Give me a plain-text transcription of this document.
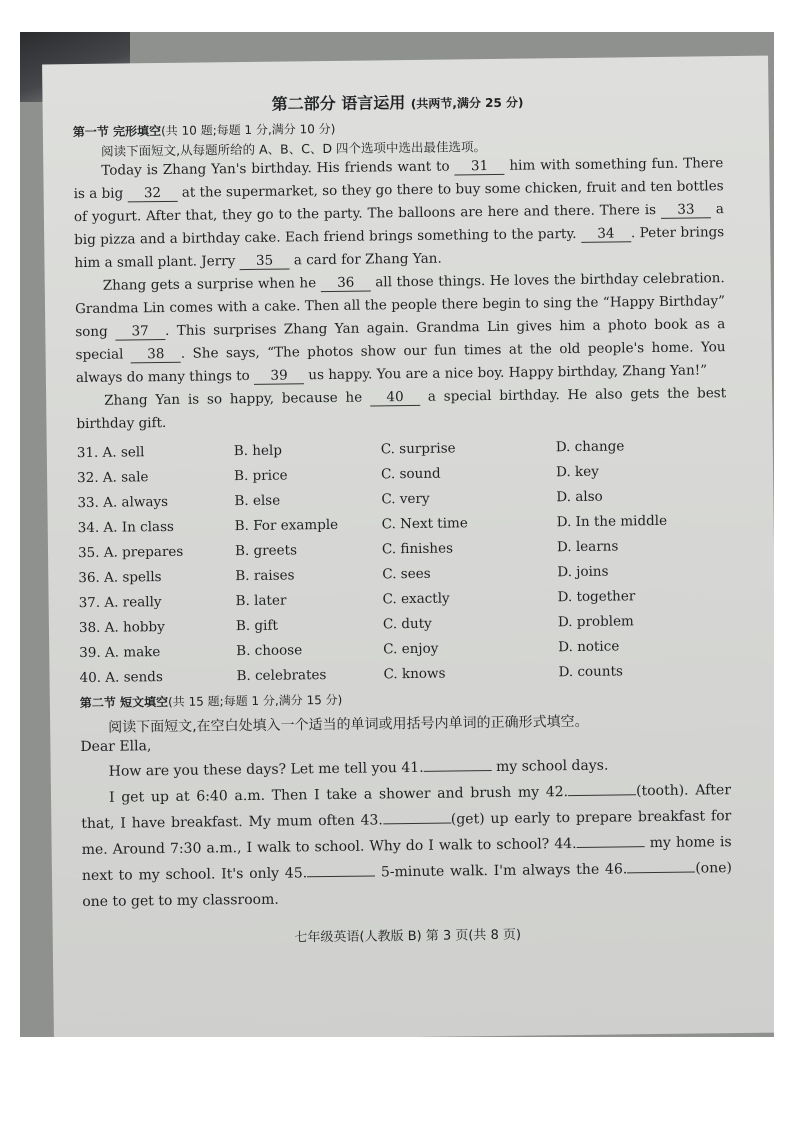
第二部分 语言运用 (共两节,满分 25 分)

第一节 完形填空(共 10 题;每题 1 分,满分 10 分)

阅读下面短文,从每题所给的 A、B、C、D 四个选项中选出最佳选项。

Today is Zhang Yan's birthday. His friends want to 31 him with something fun. There is a big 32 at the supermarket, so they go there to buy some chicken, fruit and ten bottles of yogurt. After that, they go to the party. The balloons are here and there. There is 33 a big pizza and a birthday cake. Each friend brings something to the party. 34 . Peter brings him a small plant. Jerry 35 a card for Zhang Yan.

Zhang gets a surprise when he 36 all those things. He loves the birthday celebration. Grandma Lin comes with a cake. Then all the people there begin to sing the “Happy Birthday” song 37 . This surprises Zhang Yan again. Grandma Lin gives him a photo book as a special 38 . She says, “The photos show our fun times at the old people's home. You always do many things to 39 us happy. You are a nice boy. Happy birthday, Zhang Yan!”

Zhang Yan is so happy, because he 40 a special birthday. He also gets the best birthday gift.

31. A. sell	B. help	C. surprise	D. change
32. A. sale	B. price	C. sound	D. key
33. A. always	B. else	C. very	D. also
34. A. In class	B. For example	C. Next time	D. In the middle
35. A. prepares	B. greets	C. finishes	D. learns
36. A. spells	B. raises	C. sees	D. joins
37. A. really	B. later	C. exactly	D. together
38. A. hobby	B. gift	C. duty	D. problem
39. A. make	B. choose	C. enjoy	D. notice
40. A. sends	B. celebrates	C. knows	D. counts

第二节 短文填空(共 15 题;每题 1 分,满分 15 分)

阅读下面短文,在空白处填入一个适当的单词或用括号内单词的正确形式填空。

Dear Ella,

How are you these days? Let me tell you 41.	my school days.

I get up at 6:40 a.m. Then I take a shower and brush my 42.	(tooth). After that, I have breakfast. My mum often 43.	(get) up early to prepare breakfast for me. Around 7:30 a.m., I walk to school. Why do I walk to school? 44.	my home is next to my school. It's only 45.	5-minute walk. I'm always the 46.	(one) one to get to my classroom.

七年级英语(人教版 B) 第 3 页(共 8 页)
